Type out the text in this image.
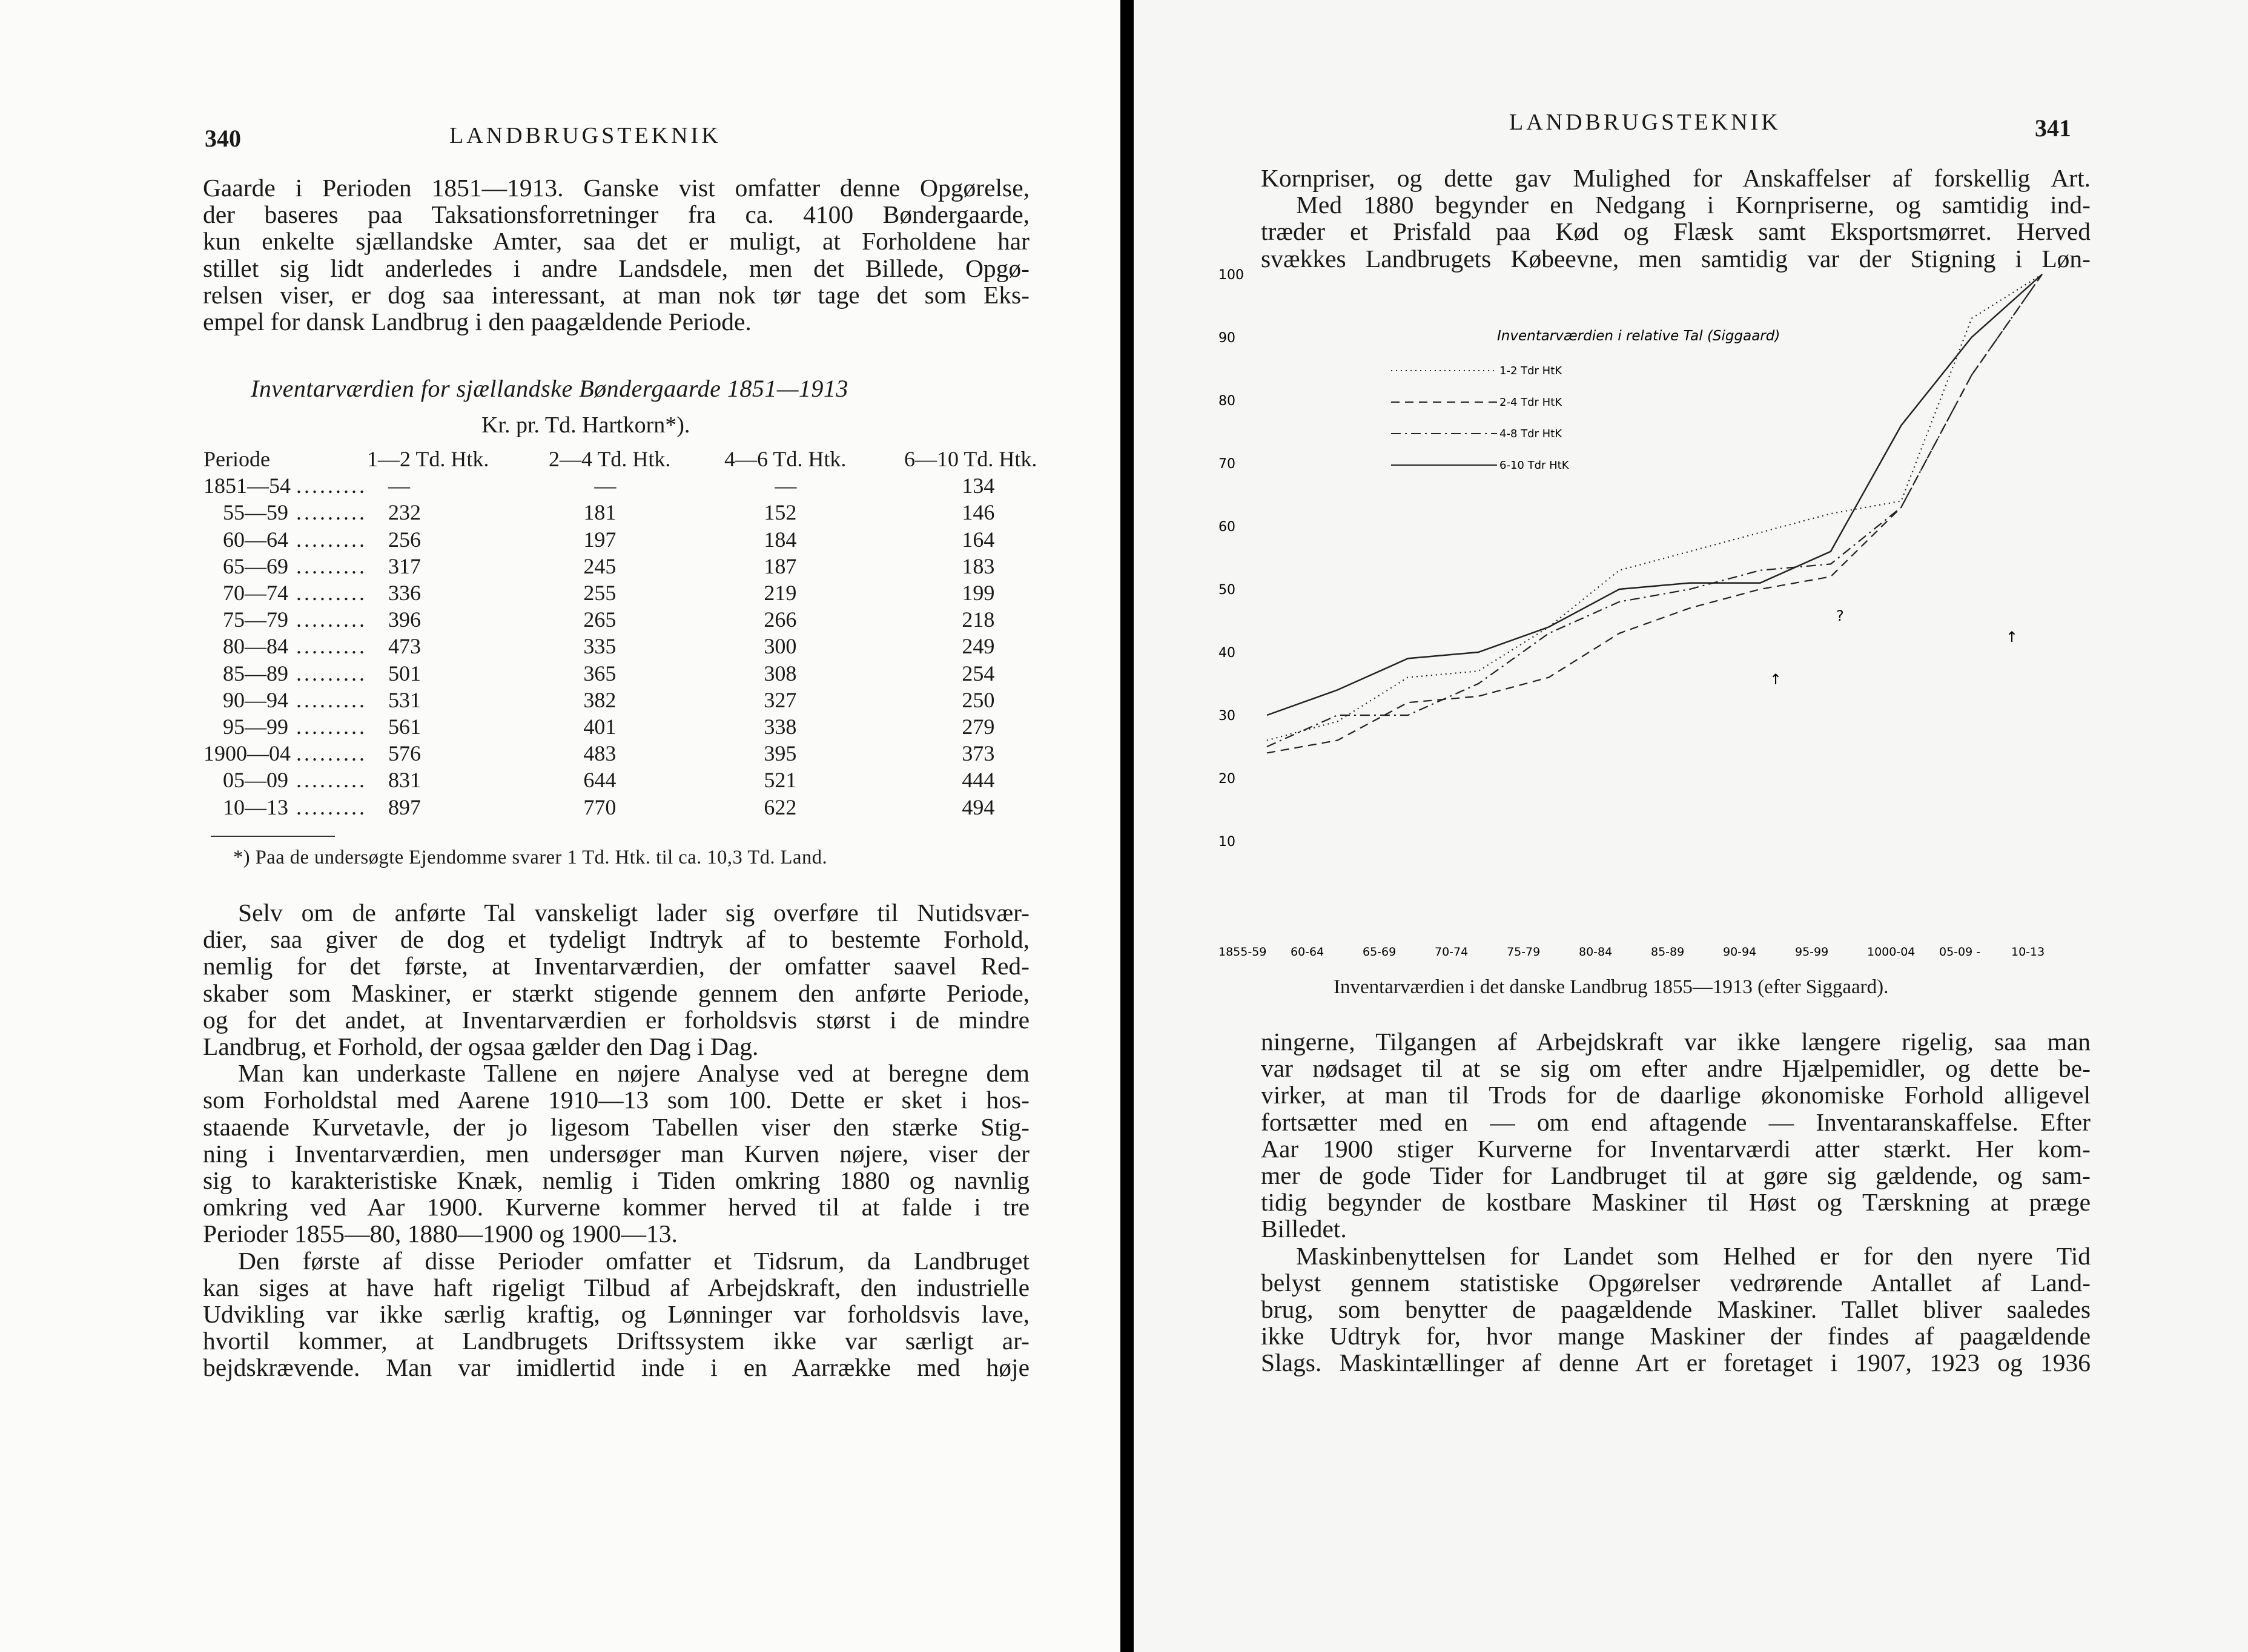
340	LANDBRUGSTEKNIK
Gaarde i Perioden 1851—1913. Ganske vist omfatter denne Opgørelse,
der baseres paa Taksationsforretninger fra ca. 4100 Bøndergaarde,
kun enkelte sjællandske Amter, saa det er muligt, at Forholdene har
stillet sig lidt anderledes i andre Landsdele, men det Billede, Opgø-
relsen viser, er dog saa interessant, at man nok tør tage det som Eks-
empel for dansk Landbrug i den paagældende Periode.
Inventarværdien for sjællandske Bøndergaarde 1851—1913
Kr. pr. Td. Hartkorn*).
Periode	1—2 Td. Htk.	2—4 Td. Htk.	4—6 Td. Htk.	6—10 Td. Htk.
1851—54 .........	—	—	—	134
55—59 .........	232	181	152	146
60—64 .........	256	197	184	164
65—69 .........	317	245	187	183
70—74 .........	336	255	219	199
75—79 .........	396	265	266	218
80—84 .........	473	335	300	249
85—89 .........	501	365	308	254
90—94 .........	531	382	327	250
95—99 .........	561	401	338	279
1900—04 .........	576	483	395	373
05—09 .........	831	644	521	444
10—13 .........	897	770	622	494
*) Paa de undersøgte Ejendomme svarer 1 Td. Htk. til ca. 10,3 Td. Land.
Selv om de anførte Tal vanskeligt lader sig overføre til Nutidsvær-
dier, saa giver de dog et tydeligt Indtryk af to bestemte Forhold,
nemlig for det første, at Inventarværdien, der omfatter saavel Red-
skaber som Maskiner, er stærkt stigende gennem den anførte Periode,
og for det andet, at Inventarværdien er forholdsvis størst i de mindre
Landbrug, et Forhold, der ogsaa gælder den Dag i Dag.
Man kan underkaste Tallene en nøjere Analyse ved at beregne dem
som Forholdstal med Aarene 1910—13 som 100. Dette er sket i hos-
staaende Kurvetavle, der jo ligesom Tabellen viser den stærke Stig-
ning i Inventarværdien, men undersøger man Kurven nøjere, viser der
sig to karakteristiske Knæk, nemlig i Tiden omkring 1880 og navnlig
omkring ved Aar 1900. Kurverne kommer herved til at falde i tre
Perioder 1855—80, 1880—1900 og 1900—13.
Den første af disse Perioder omfatter et Tidsrum, da Landbruget
kan siges at have haft rigeligt Tilbud af Arbejdskraft, den industrielle
Udvikling var ikke særlig kraftig, og Lønninger var forholdsvis lave,
hvortil kommer, at Landbrugets Driftssystem ikke var særligt ar-
bejdskrævende. Man var imidlertid inde i en Aarrække med høje
LANDBRUGSTEKNIK	341
Kornpriser, og dette gav Mulighed for Anskaffelser af forskellig Art.
Med 1880 begynder en Nedgang i Kornpriserne, og samtidig ind-
træder et Prisfald paa Kød og Flæsk samt Eksportsmørret. Herved
svækkes Landbrugets Købeevne, men samtidig var der Stigning i Løn-
10
20
30
40
50
60
70
80
90
100
1855-59 60-64	65-69	70-74	75-79	80-84	85-89	90-94	95-99	1000-04 05-09 -	10-13
Inventarværdien i relative Tal (Siggaard)
1-2 Tdr HtK
2-4 Tdr HtK
4-8 Tdr HtK
6-10 Tdr HtK
↑
↑
?
Inventarværdien i det danske Landbrug 1855—1913 (efter Siggaard).
ningerne, Tilgangen af Arbejdskraft var ikke længere rigelig, saa man
var nødsaget til at se sig om efter andre Hjælpemidler, og dette be-
virker, at man til Trods for de daarlige økonomiske Forhold alligevel
fortsætter med en — om end aftagende — Inventaranskaffelse. Efter
Aar 1900 stiger Kurverne for Inventarværdi atter stærkt. Her kom-
mer de gode Tider for Landbruget til at gøre sig gældende, og sam-
tidig begynder de kostbare Maskiner til Høst og Tærskning at præge
Billedet.
Maskinbenyttelsen for Landet som Helhed er for den nyere Tid
belyst gennem statistiske Opgørelser vedrørende Antallet af Land-
brug, som benytter de paagældende Maskiner. Tallet bliver saaledes
ikke Udtryk for, hvor mange Maskiner der findes af paagældende
Slags. Maskintællinger af denne Art er foretaget i 1907, 1923 og 1936
